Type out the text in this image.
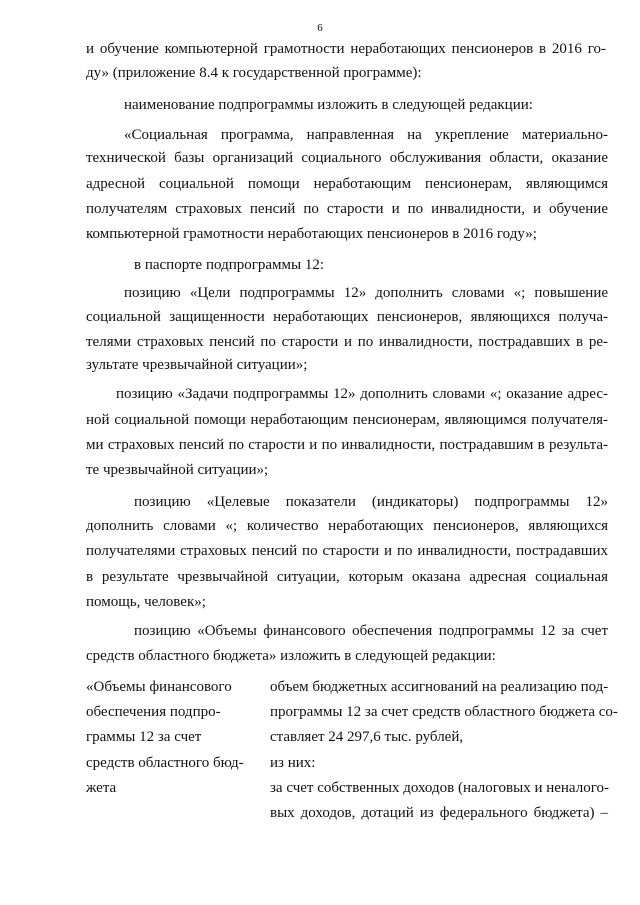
6
и обучение компьютерной грамотности неработающих пенсионеров в 2016 го-
ду» (приложение 8.4 к государственной программе):
наименование подпрограммы изложить в следующей редакции:
«Социальная программа, направленная на укрепление материально-
технической базы организаций социального обслуживания области, оказание
адресной социальной помощи неработающим пенсионерам, являющимся
получателям страховых пенсий по старости и по инвалидности, и обучение
компьютерной грамотности неработающих пенсионеров в 2016 году»;
в паспорте подпрограммы 12:
позицию «Цели подпрограммы 12» дополнить словами «; повышение
социальной защищенности неработающих пенсионеров, являющихся получа-
телями страховых пенсий по старости и по инвалидности, пострадавших в ре-
зультате чрезвычайной ситуации»;
позицию «Задачи подпрограммы 12» дополнить словами «; оказание адрес-
ной социальной помощи неработающим пенсионерам, являющимся получателя-
ми страховых пенсий по старости и по инвалидности, пострадавшим в результа-
те чрезвычайной ситуации»;
позицию «Целевые показатели (индикаторы) подпрограммы 12»
дополнить словами «; количество неработающих пенсионеров, являющихся
получателями страховых пенсий по старости и по инвалидности, пострадавших
в результате чрезвычайной ситуации, которым оказана адресная социальная
помощь, человек»;
позицию «Объемы финансового обеспечения подпрограммы 12 за счет
средств областного бюджета» изложить в следующей редакции:
«Объемы финансового
обеспечения подпро-
граммы 12 за счет
средств областного бюд-
жета
объем бюджетных ассигнований на реализацию под-
программы 12 за счет средств областного бюджета со-
ставляет 24 297,6 тыс. рублей,
из них:
за счет собственных доходов (налоговых и неналого-
вых доходов, дотаций из федерального бюджета) –
